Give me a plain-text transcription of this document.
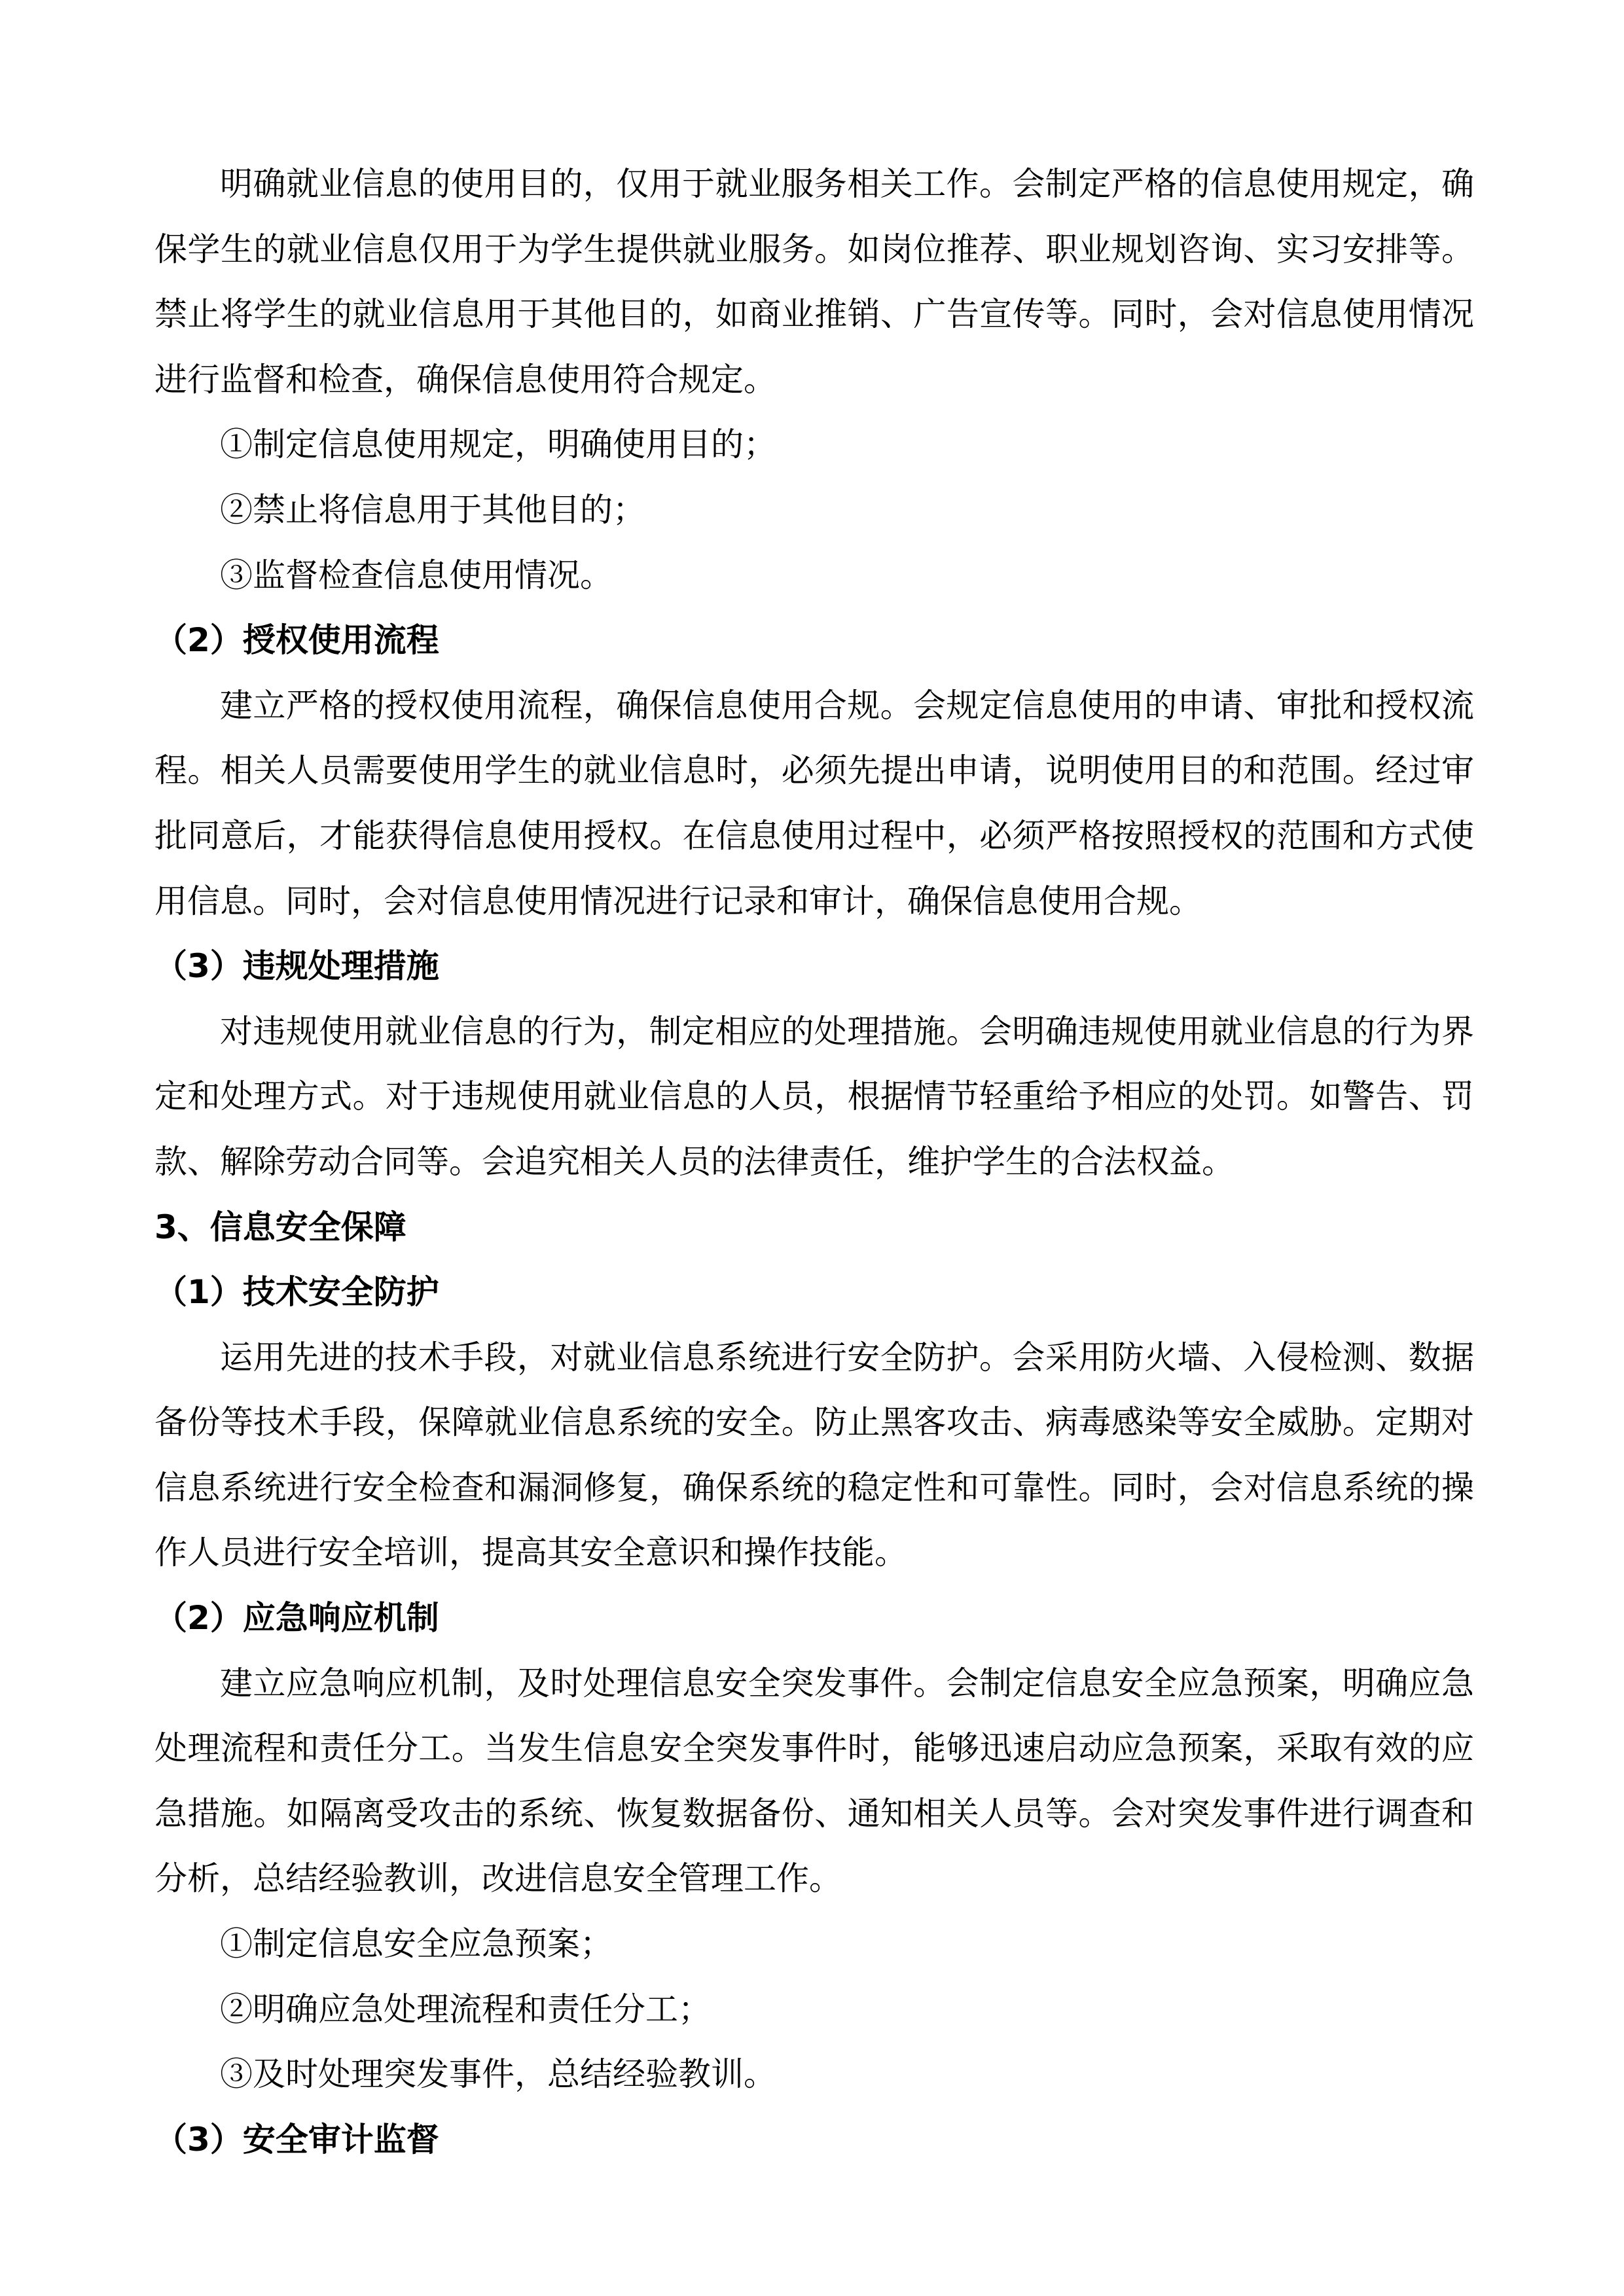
明确就业信息的使用目的，仅用于就业服务相关工作。会制定严格的信息使用规定，确保学生的就业信息仅用于为学生提供就业服务。如岗位推荐、职业规划咨询、实习安排等。禁止将学生的就业信息用于其他目的，如商业推销、广告宣传等。同时，会对信息使用情况进行监督和检查，确保信息使用符合规定。

①制定信息使用规定，明确使用目的；

②禁止将信息用于其他目的；

③监督检查信息使用情况。

（2）授权使用流程

建立严格的授权使用流程，确保信息使用合规。会规定信息使用的申请、审批和授权流程。相关人员需要使用学生的就业信息时，必须先提出申请，说明使用目的和范围。经过审批同意后，才能获得信息使用授权。在信息使用过程中，必须严格按照授权的范围和方式使用信息。同时，会对信息使用情况进行记录和审计，确保信息使用合规。

（3）违规处理措施

对违规使用就业信息的行为，制定相应的处理措施。会明确违规使用就业信息的行为界定和处理方式。对于违规使用就业信息的人员，根据情节轻重给予相应的处罚。如警告、罚款、解除劳动合同等。会追究相关人员的法律责任，维护学生的合法权益。

3、信息安全保障

（1）技术安全防护

运用先进的技术手段，对就业信息系统进行安全防护。会采用防火墙、入侵检测、数据备份等技术手段，保障就业信息系统的安全。防止黑客攻击、病毒感染等安全威胁。定期对信息系统进行安全检查和漏洞修复，确保系统的稳定性和可靠性。同时，会对信息系统的操作人员进行安全培训，提高其安全意识和操作技能。

（2）应急响应机制

建立应急响应机制，及时处理信息安全突发事件。会制定信息安全应急预案，明确应急处理流程和责任分工。当发生信息安全突发事件时，能够迅速启动应急预案，采取有效的应急措施。如隔离受攻击的系统、恢复数据备份、通知相关人员等。会对突发事件进行调查和分析，总结经验教训，改进信息安全管理工作。

①制定信息安全应急预案；

②明确应急处理流程和责任分工；

③及时处理突发事件，总结经验教训。

（3）安全审计监督
